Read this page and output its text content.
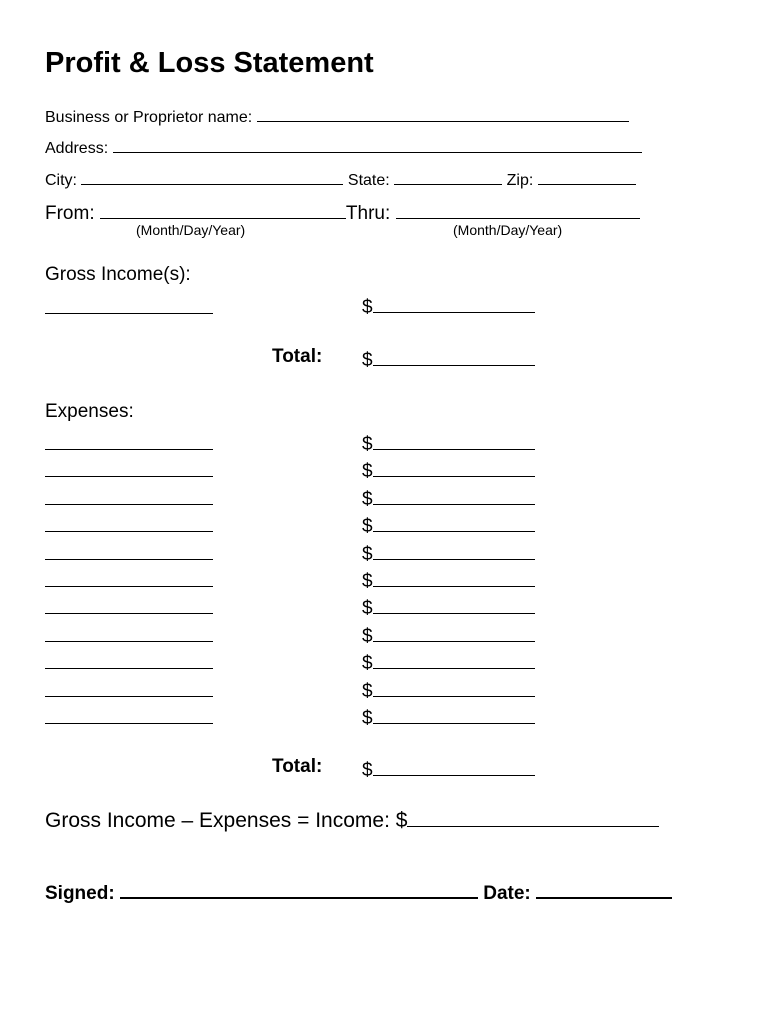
Profit & Loss Statement
Business or Proprietor name:
Address:
City:	State:	Zip:
From:	Thru:
(Month/Day/Year)	(Month/Day/Year)
Gross Income(s):
$
Total: $
Expenses:
$
$
$
$
$
$
$
$
$
$
$
Total: $
Gross Income – Expenses = Income: $
Signed:	Date:
